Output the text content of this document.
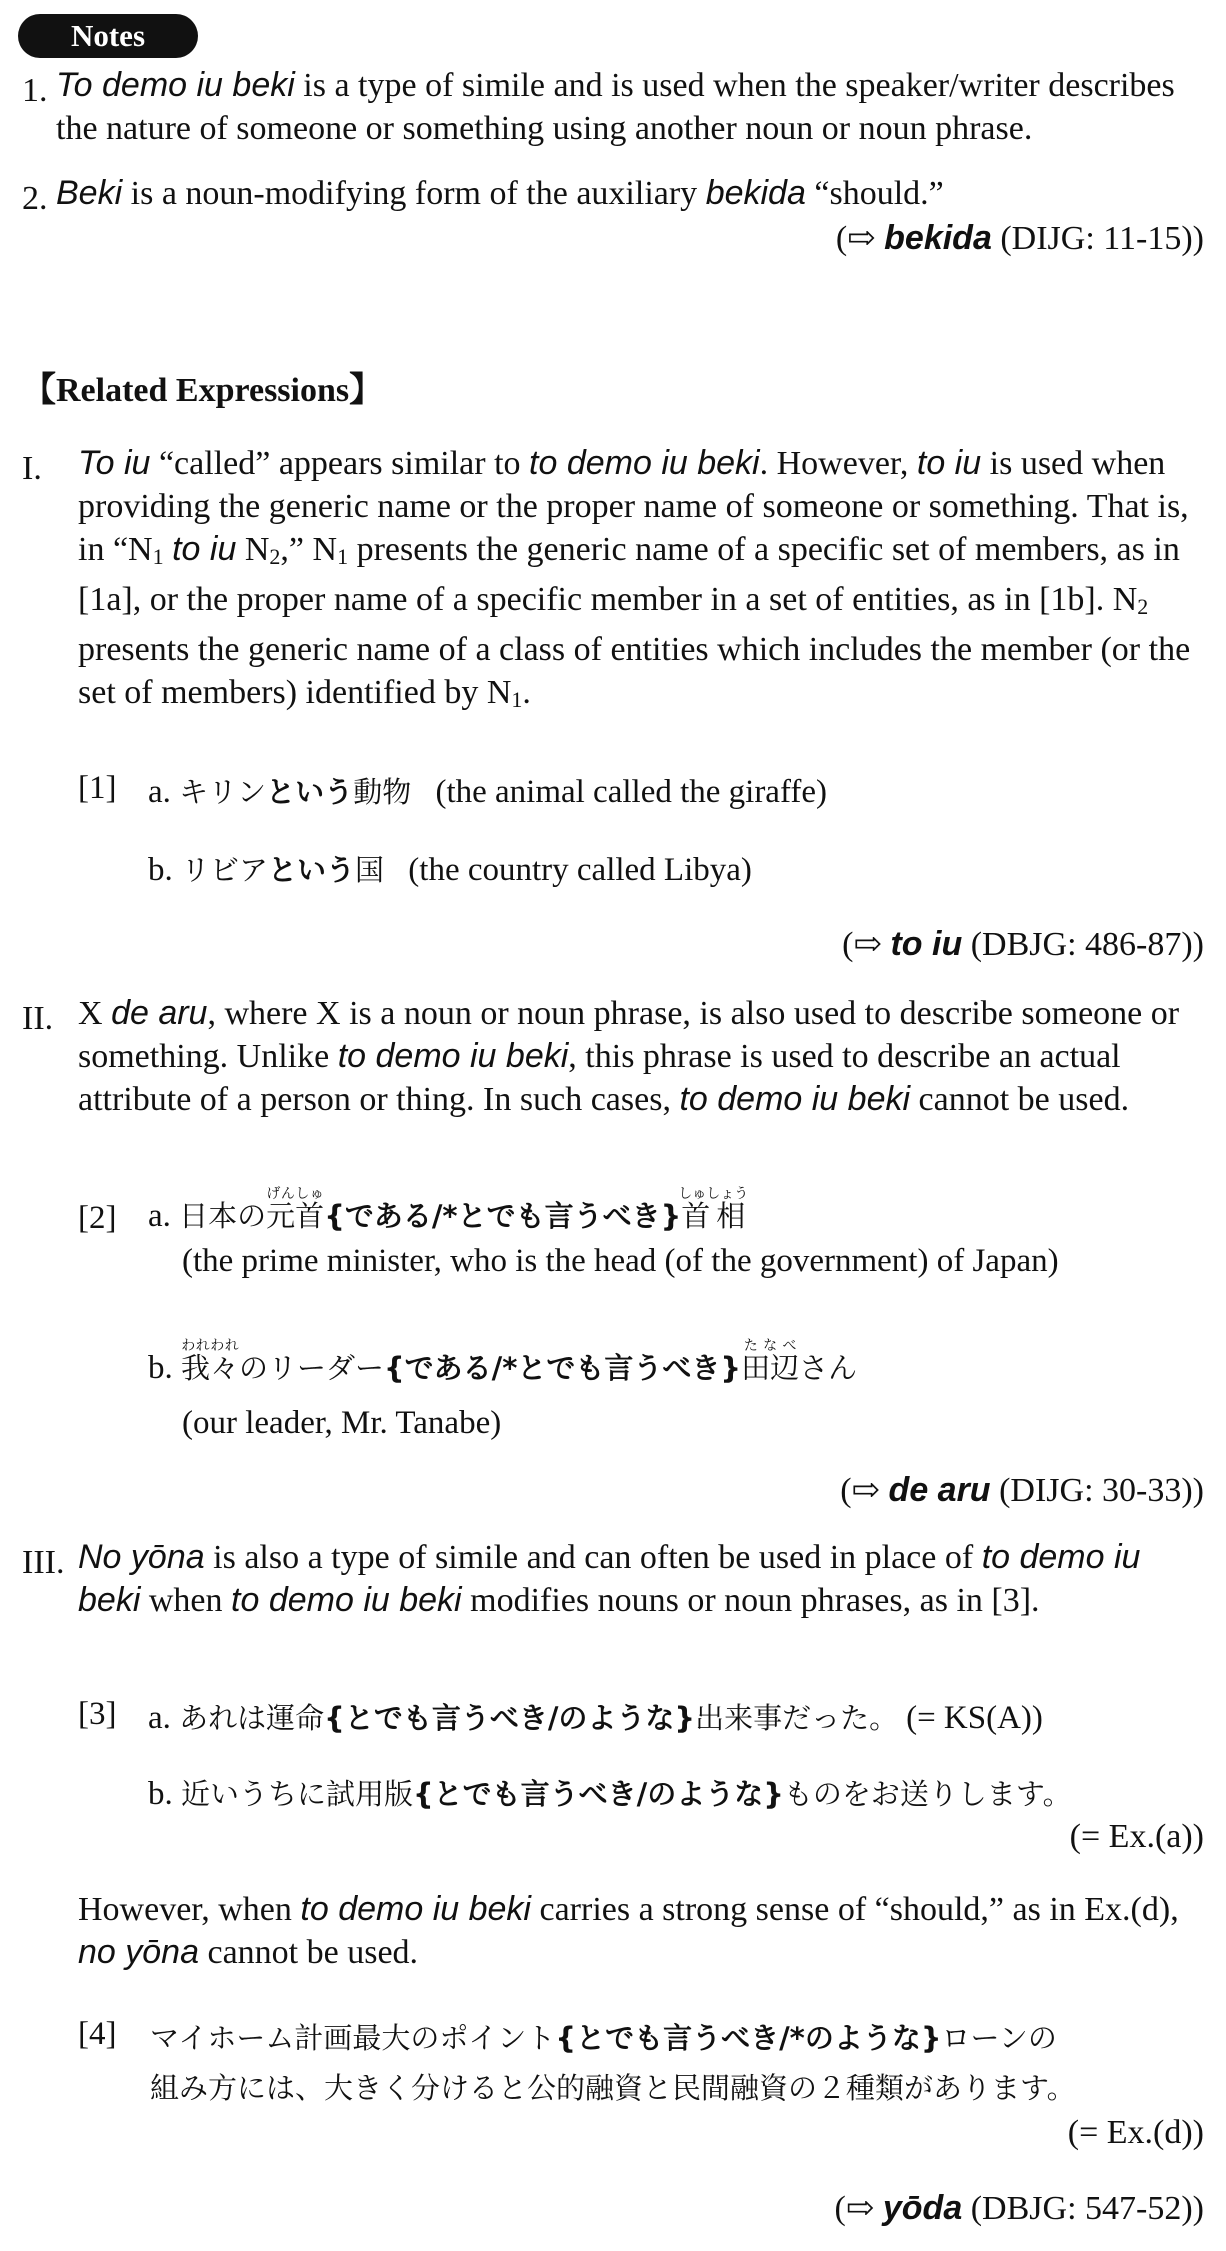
Notes
1. To demo iu beki is a type of simile and is used when the speaker/writer describes the nature of someone or something using another noun or noun phrase.
2. Beki is a noun-modifying form of the auxiliary bekida “should.”
(⇨ bekida (DIJG: 11-15))
【Related Expressions】
I. To iu “called” appears similar to to demo iu beki. However, to iu is used when providing the generic name or the proper name of someone or something. That is, in “$N_1$ to iu $N_2$,” $N_1$ presents the generic name of a specific set of members, as in [1a], or the proper name of a specific member in a set of entities, as in [1b]. $N_2$ presents the generic name of a class of entities which includes the member (or the set of members) identified by $N_1$.
[1] a. キリンという動物 (the animal called the giraffe)
b. リビアという国 (the country called Libya)
(⇨ to iu (DBJG: 486-87))
II. X de aru, where X is a noun or noun phrase, is also used to describe someone or something. Unlike to demo iu beki, this phrase is used to describe an actual attribute of a person or thing. In such cases, to demo iu beki cannot be used.
[2] a. 日本の元首げんしゅ{である/*とでも言うべき}首相しゅしょう
(the prime minister, who is the head (of the government) of Japan)
b. 我々われわれのリーダー{である/*とでも言うべき}田辺たなべさん
(our leader, Mr. Tanabe)
(⇨ de aru (DIJG: 30-33))
III. No yōna is also a type of simile and can often be used in place of to demo iu beki when to demo iu beki modifies nouns or noun phrases, as in [3].
[3] a. あれは運命{とでも言うべき/のような}出来事だった。 (= KS(A))
b. 近いうちに試用版{とでも言うべき/のような}ものをお送りします。
(= Ex.(a))
However, when to demo iu beki carries a strong sense of “should,” as in Ex.(d), no yōna cannot be used.
[4] マイホーム計画最大のポイント{とでも言うべき/*のような}ローンの
組み方には、大きく分けると公的融資と民間融資の２種類があります。
(= Ex.(d))
(⇨ yōda (DBJG: 547-52))
